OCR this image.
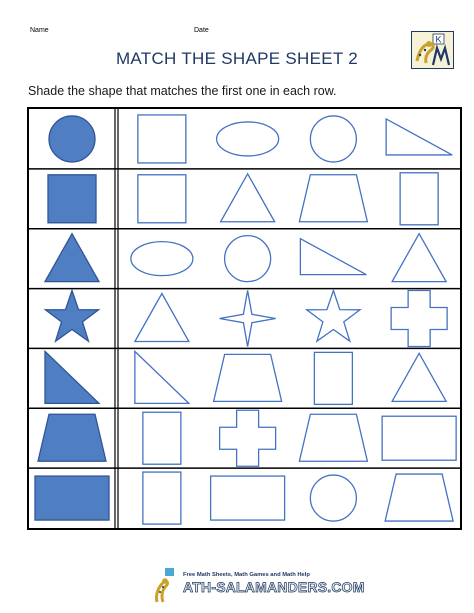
Name	Date
K
MATCH THE SHAPE SHEET 2
Shade the shape that matches the first one in each row.
Free Math Sheets, Math Games and Math Help
ATH-SALAMANDERS.COM
